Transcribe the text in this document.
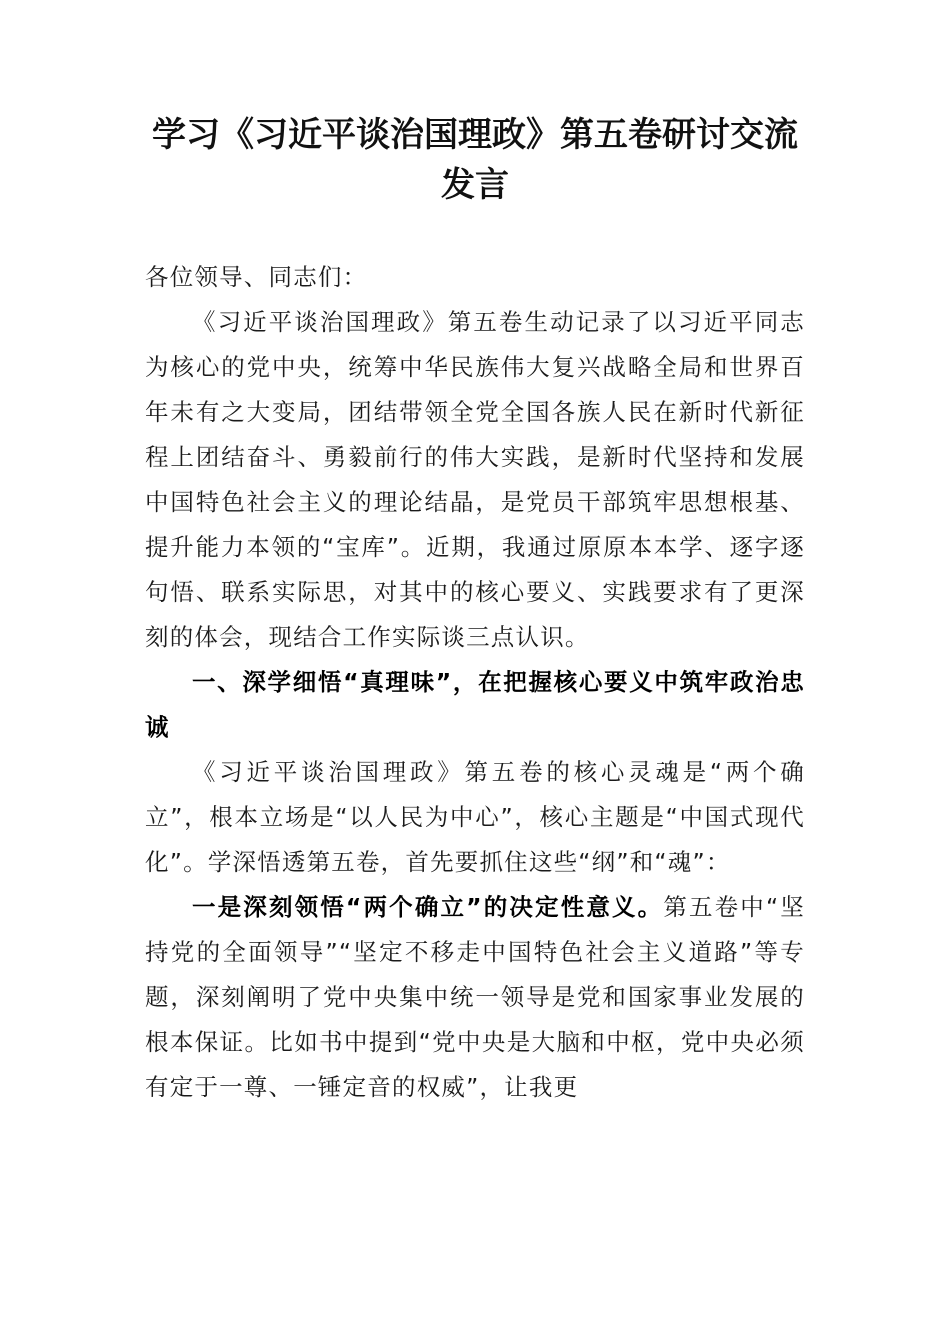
学习《习近平谈治国理政》第五卷研讨交流发言

各位领导、同志们：

《习近平谈治国理政》第五卷生动记录了以习近平同志为核心的党中央，统筹中华民族伟大复兴战略全局和世界百年未有之大变局，团结带领全党全国各族人民在新时代新征程上团结奋斗、勇毅前行的伟大实践，是新时代坚持和发展中国特色社会主义的理论结晶，是党员干部筑牢思想根基、提升能力本领的“宝库”。近期，我通过原原本本学、逐字逐句悟、联系实际思，对其中的核心要义、实践要求有了更深刻的体会，现结合工作实际谈三点认识。

一、深学细悟“真理味”，在把握核心要义中筑牢政治忠诚

《习近平谈治国理政》第五卷的核心灵魂是“两个确立”，根本立场是“以人民为中心”，核心主题是“中国式现代化”。学深悟透第五卷，首先要抓住这些“纲”和“魂”：

一是深刻领悟“两个确立”的决定性意义。第五卷中“坚持党的全面领导”“坚定不移走中国特色社会主义道路”等专题，深刻阐明了党中央集中统一领导是党和国家事业发展的根本保证。比如书中提到“党中央是大脑和中枢，党中央必须有定于一尊、一锤定音的权威”，让我更
